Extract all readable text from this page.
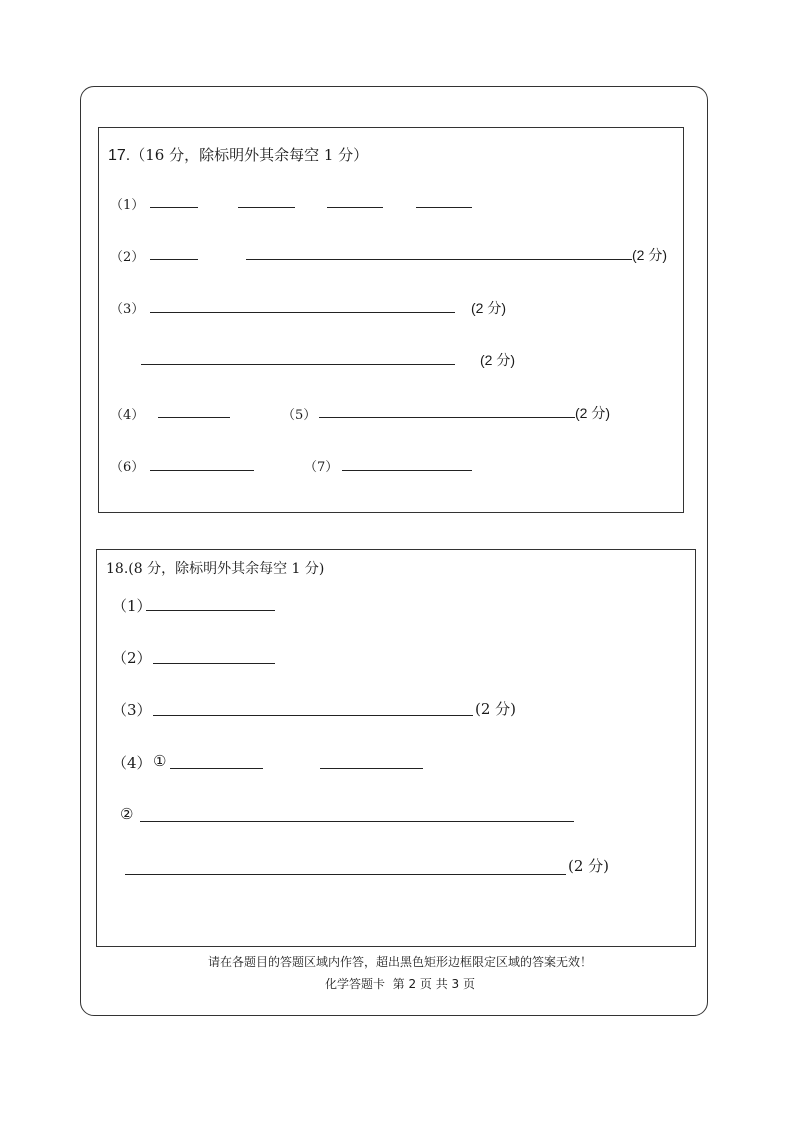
17.（16 分，除标明外其余每空 1 分）
（1）
（2）	(2 分)
（3）	(2 分)
(2 分)
（4）	（5）	(2 分)
（6）	（7）
18.(8 分，除标明外其余每空 1 分)
（1）
（2）
（3）	(2 分)
（4） ①
②
(2 分)
请在各题目的答题区域内作答，超出黑色矩形边框限定区域的答案无效！
化学答题卡  第 2 页 共 3 页
